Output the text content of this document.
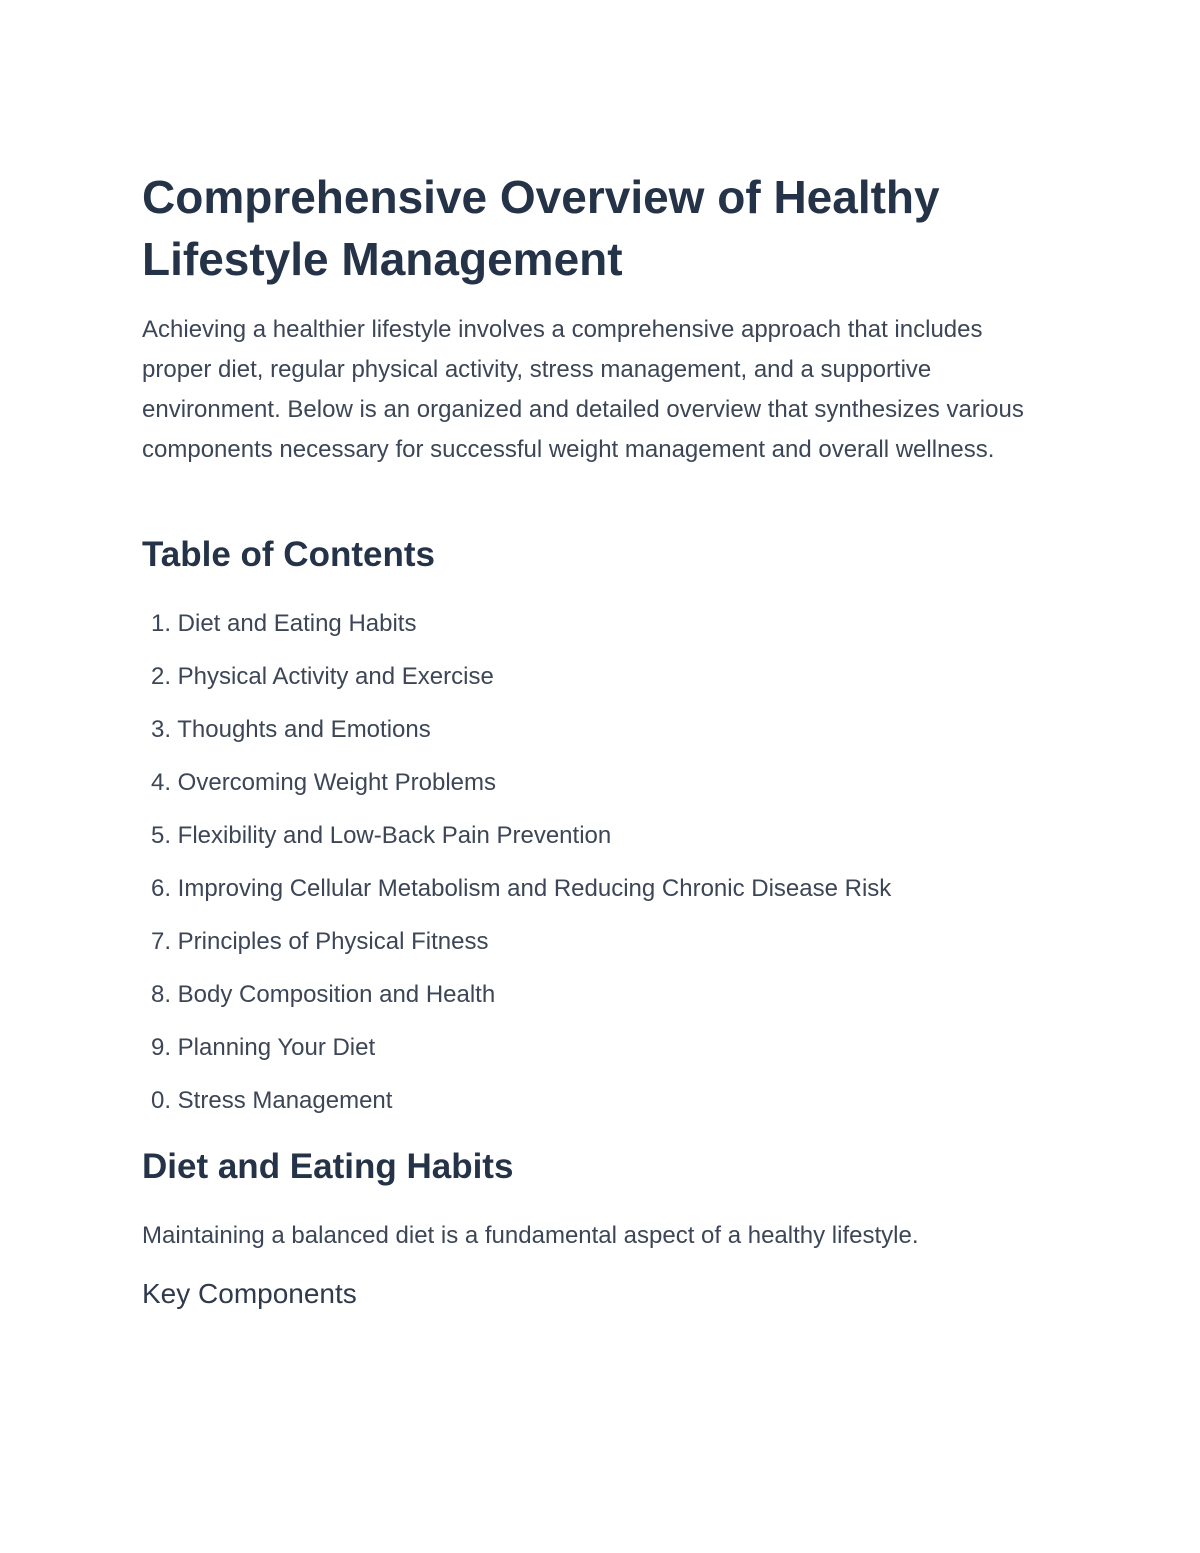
Comprehensive Overview of Healthy Lifestyle Management

Achieving a healthier lifestyle involves a comprehensive approach that includes proper diet, regular physical activity, stress management, and a supportive environment. Below is an organized and detailed overview that synthesizes various components necessary for successful weight management and overall wellness.

Table of Contents
1. Diet and Eating Habits
2. Physical Activity and Exercise
3. Thoughts and Emotions
4. Overcoming Weight Problems
5. Flexibility and Low-Back Pain Prevention
6. Improving Cellular Metabolism and Reducing Chronic Disease Risk
7. Principles of Physical Fitness
8. Body Composition and Health
9. Planning Your Diet
0. Stress Management
Diet and Eating Habits

Maintaining a balanced diet is a fundamental aspect of a healthy lifestyle.

Key Components
